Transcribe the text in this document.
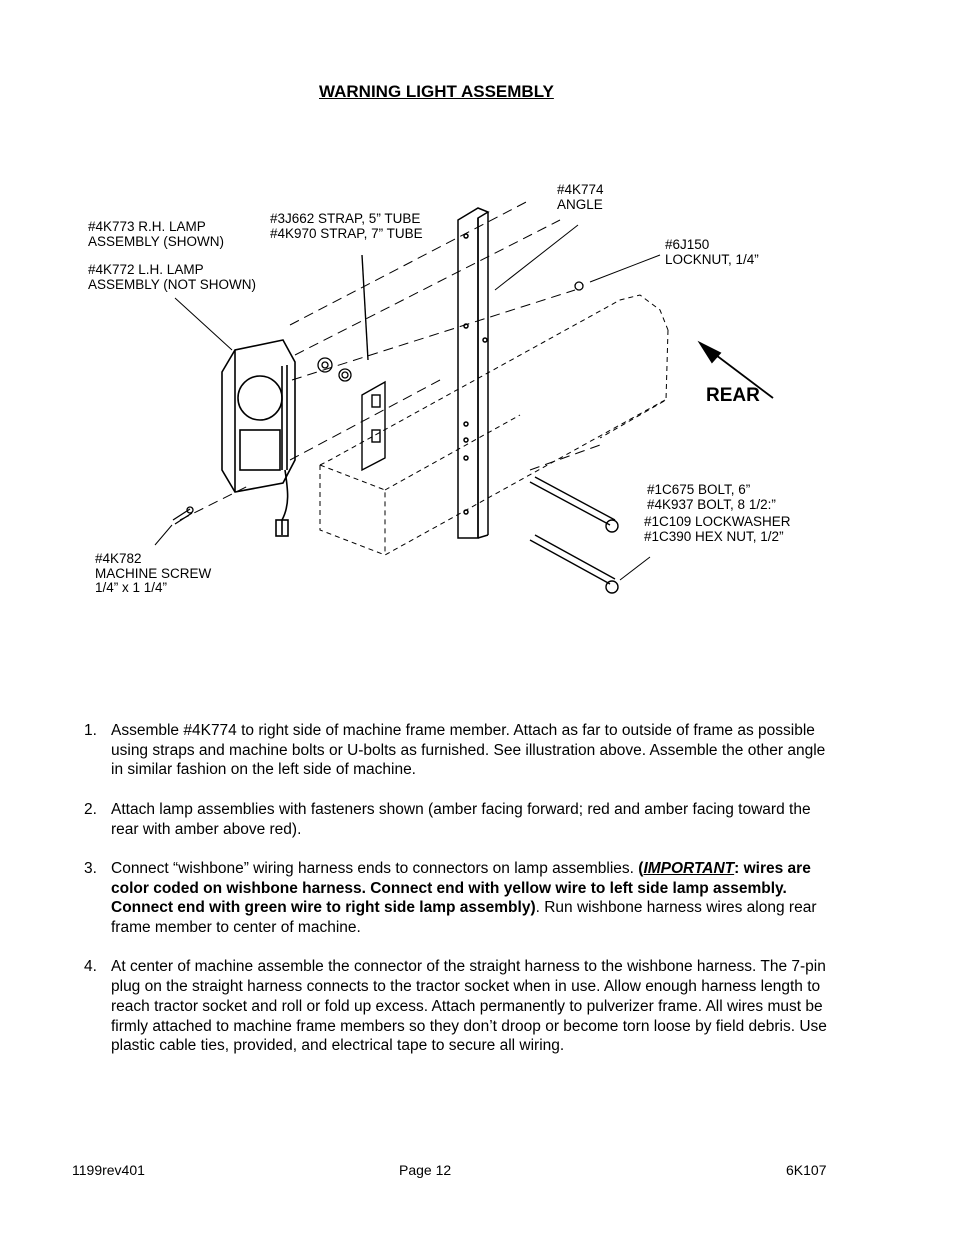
WARNING LIGHT ASSEMBLY
#4K774
ANGLE
#3J662 STRAP, 5” TUBE
#4K970 STRAP, 7” TUBE
#4K773 R.H. LAMP
ASSEMBLY (SHOWN)
#4K772 L.H. LAMP
ASSEMBLY (NOT SHOWN)
#6J150
LOCKNUT, 1/4”
REAR
#1C675 BOLT, 6”
#4K937 BOLT, 8 1/2:”
#1C109 LOCKWASHER
#1C390 HEX NUT, 1/2”
#4K782
MACHINE SCREW
1/4” x 1 1/4”
1. Assemble #4K774 to right side of machine frame member. Attach as far to outside of frame as possible using straps and machine bolts or U-bolts as furnished. See illustration above. Assemble the other angle in similar fashion on the left side of machine.
2. Attach lamp assemblies with fasteners shown (amber facing forward; red and amber facing toward the rear with amber above red).
3. Connect “wishbone” wiring harness ends to connectors on lamp assemblies. (IMPORTANT: wires are color coded on wishbone harness. Connect end with yellow wire to left side lamp assembly. Connect end with green wire to right side lamp assembly). Run wishbone harness wires along rear frame member to center of machine.
4. At center of machine assemble the connector of the straight harness to the wishbone harness. The 7-pin plug on the straight harness connects to the tractor socket when in use. Allow enough harness length to reach tractor socket and roll or fold up excess. Attach permanently to pulverizer frame. All wires must be firmly attached to machine frame members so they don’t droop or become torn loose by field debris. Use plastic cable ties, provided, and electrical tape to secure all wiring.
1199rev401	Page 12	6K107
